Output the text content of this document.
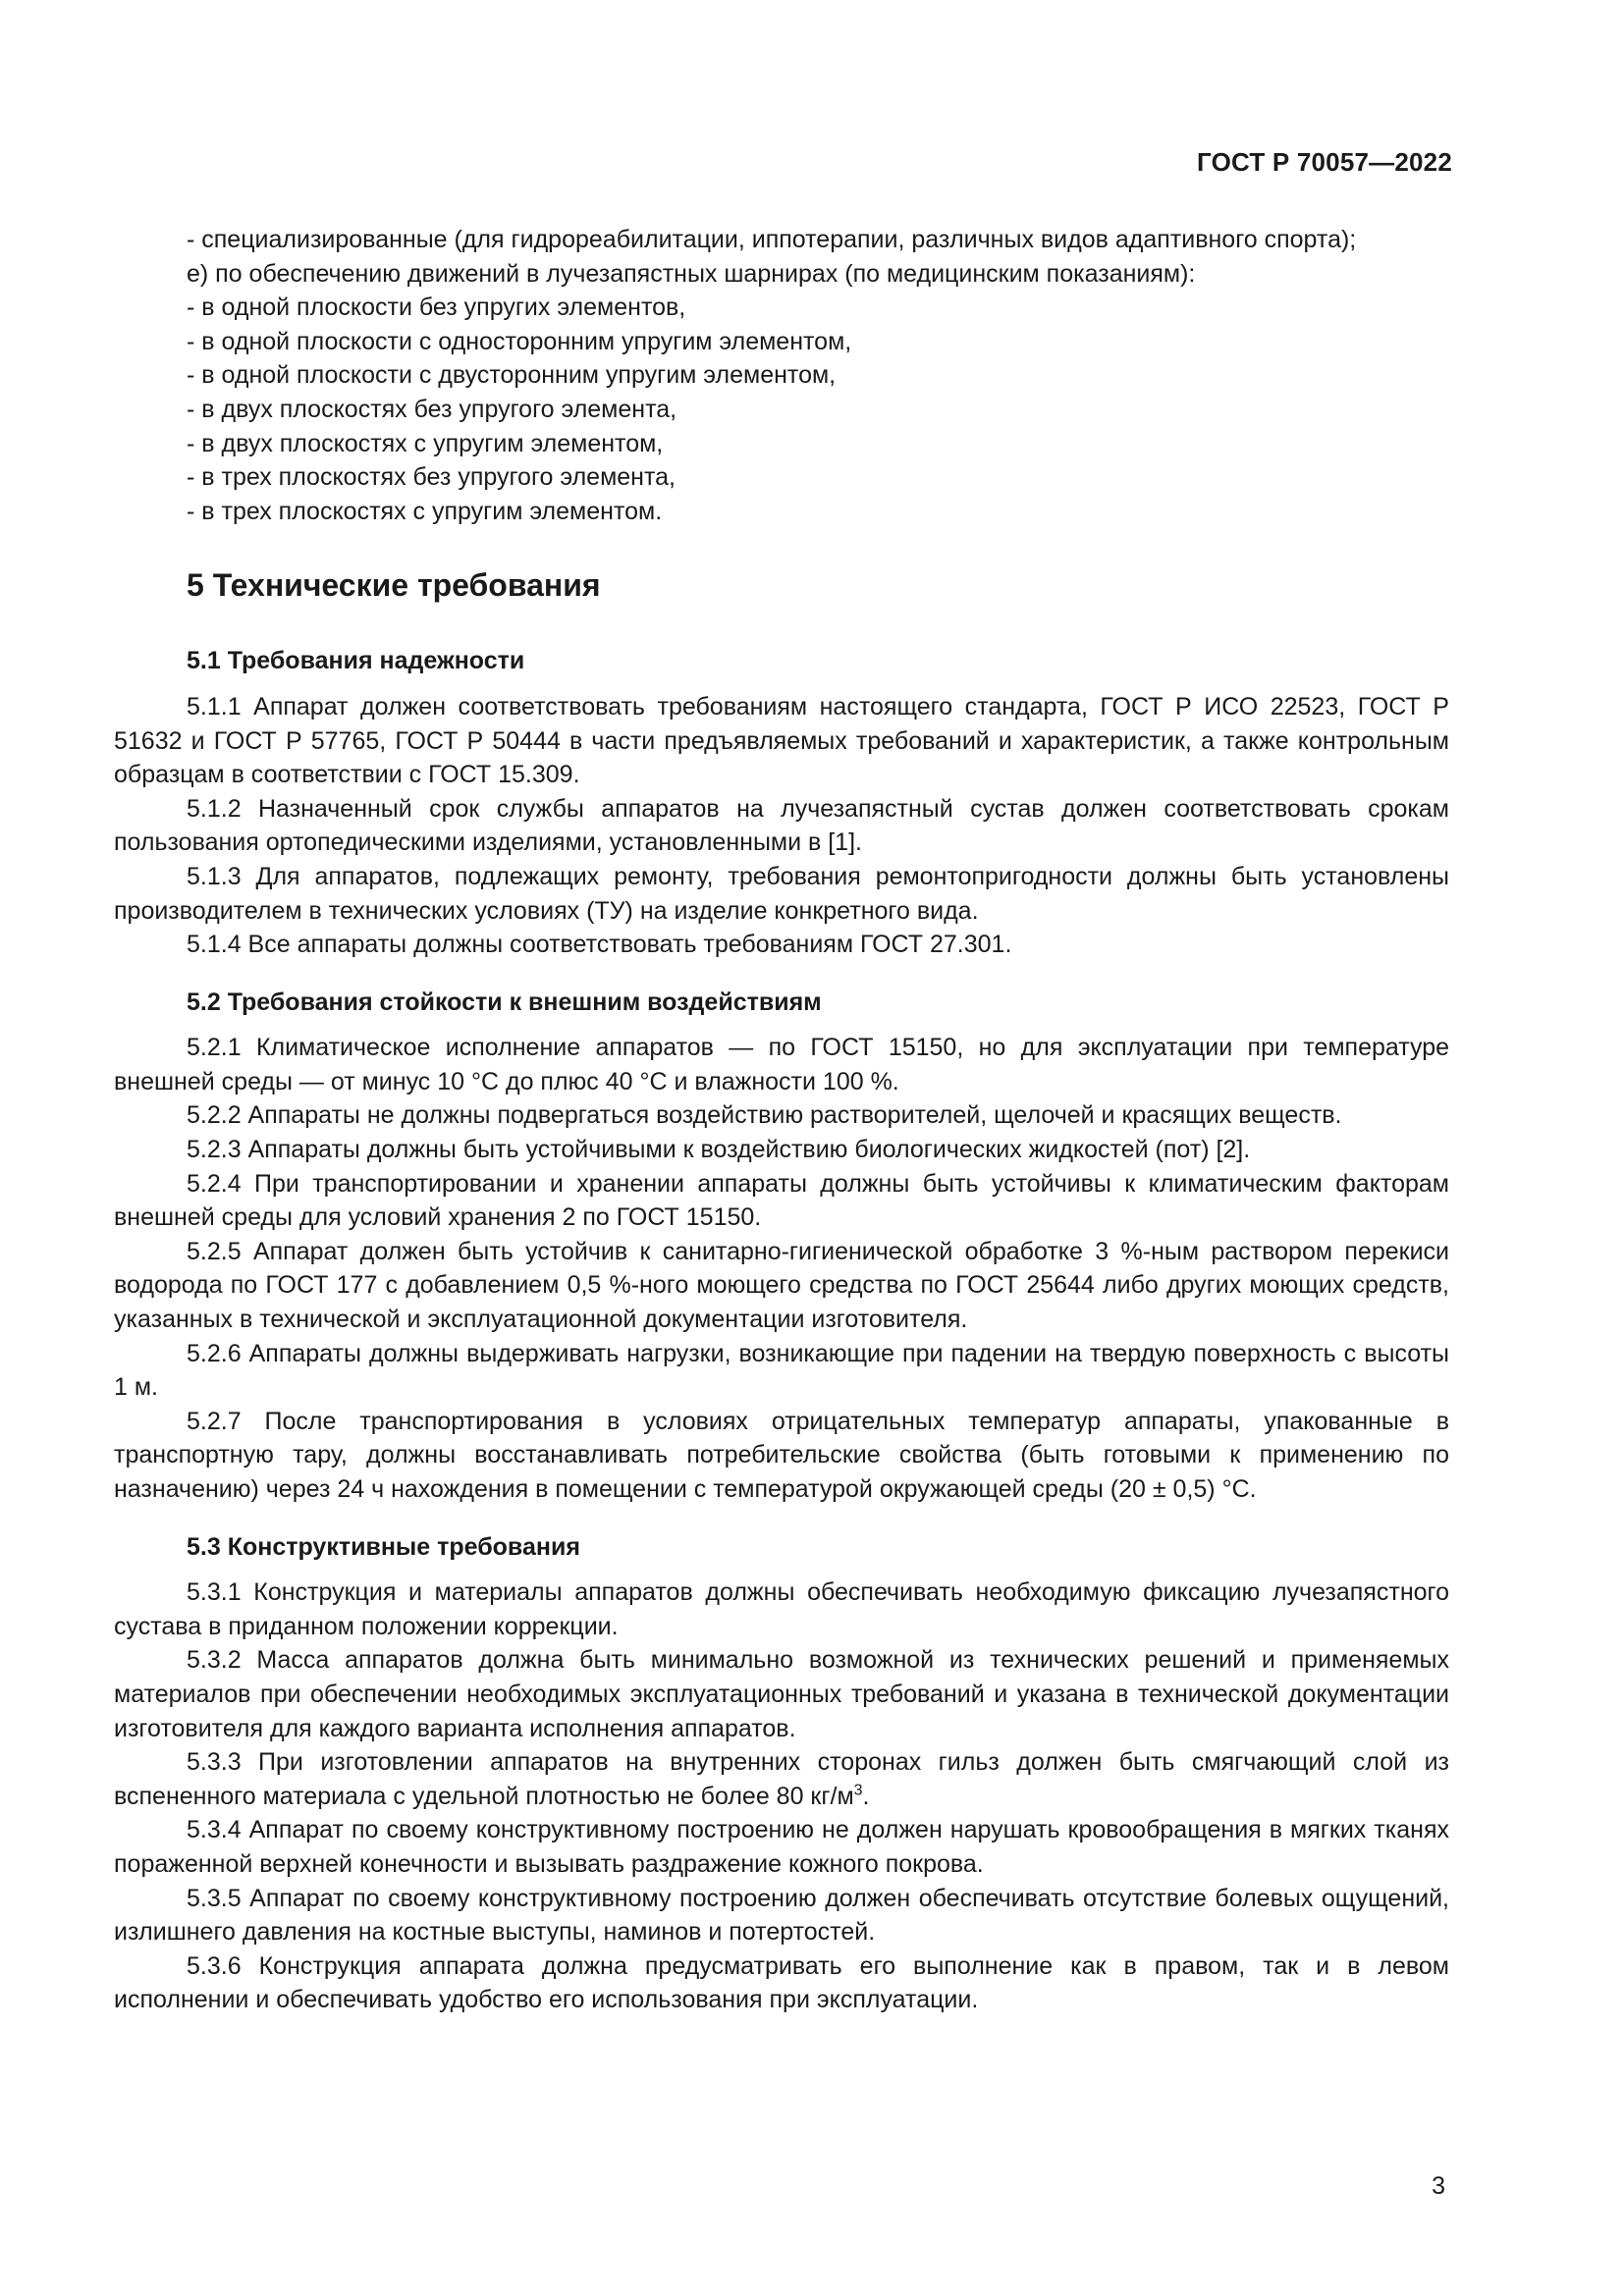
ГОСТ Р 70057—2022

- специализированные (для гидрореабилитации, иппотерапии, различных видов адаптивного спорта);

е) по обеспечению движений в лучезапястных шарнирах (по медицинским показаниям):

- в одной плоскости без упругих элементов,

- в одной плоскости с односторонним упругим элементом,

- в одной плоскости с двусторонним упругим элементом,

- в двух плоскостях без упругого элемента,

- в двух плоскостях с упругим элементом,

- в трех плоскостях без упругого элемента,

- в трех плоскостях с упругим элементом.

5 Технические требования
5.1 Требования надежности

5.1.1 Аппарат должен соответствовать требованиям настоящего стандарта, ГОСТ Р ИСО 22523, ГОСТ Р 51632 и ГОСТ Р 57765, ГОСТ Р 50444 в части предъявляемых требований и характеристик, а также контрольным образцам в соответствии с ГОСТ 15.309.

5.1.2 Назначенный срок службы аппаратов на лучезапястный сустав должен соответствовать срокам пользования ортопедическими изделиями, установленными в [1].

5.1.3 Для аппаратов, подлежащих ремонту, требования ремонтопригодности должны быть установлены производителем в технических условиях (ТУ) на изделие конкретного вида.

5.1.4 Все аппараты должны соответствовать требованиям ГОСТ 27.301.

5.2 Требования стойкости к внешним воздействиям

5.2.1 Климатическое исполнение аппаратов — по ГОСТ 15150, но для эксплуатации при температуре внешней среды — от минус 10 °С до плюс 40 °С и влажности 100 %.

5.2.2 Аппараты не должны подвергаться воздействию растворителей, щелочей и красящих веществ.

5.2.3 Аппараты должны быть устойчивыми к воздействию биологических жидкостей (пот) [2].

5.2.4 При транспортировании и хранении аппараты должны быть устойчивы к климатическим факторам внешней среды для условий хранения 2 по ГОСТ 15150.

5.2.5 Аппарат должен быть устойчив к санитарно-гигиенической обработке 3 %-ным раствором перекиси водорода по ГОСТ 177 с добавлением 0,5 %-ного моющего средства по ГОСТ 25644 либо других моющих средств, указанных в технической и эксплуатационной документации изготовителя.

5.2.6 Аппараты должны выдерживать нагрузки, возникающие при падении на твердую поверхность с высоты 1 м.

5.2.7 После транспортирования в условиях отрицательных температур аппараты, упакованные в транспортную тару, должны восстанавливать потребительские свойства (быть готовыми к применению по назначению) через 24 ч нахождения в помещении с температурой окружающей среды (20 ± 0,5) °С.

5.3 Конструктивные требования

5.3.1 Конструкция и материалы аппаратов должны обеспечивать необходимую фиксацию лучезапястного сустава в приданном положении коррекции.

5.3.2 Масса аппаратов должна быть минимально возможной из технических решений и применяемых материалов при обеспечении необходимых эксплуатационных требований и указана в технической документации изготовителя для каждого варианта исполнения аппаратов.

5.3.3 При изготовлении аппаратов на внутренних сторонах гильз должен быть смягчающий слой из вспененного материала с удельной плотностью не более 80 $кг/м^3$.

5.3.4 Аппарат по своему конструктивному построению не должен нарушать кровообращения в мягких тканях пораженной верхней конечности и вызывать раздражение кожного покрова.

5.3.5 Аппарат по своему конструктивному построению должен обеспечивать отсутствие болевых ощущений, излишнего давления на костные выступы, наминов и потертостей.

5.3.6 Конструкция аппарата должна предусматривать его выполнение как в правом, так и в левом исполнении и обеспечивать удобство его использования при эксплуатации.

3
